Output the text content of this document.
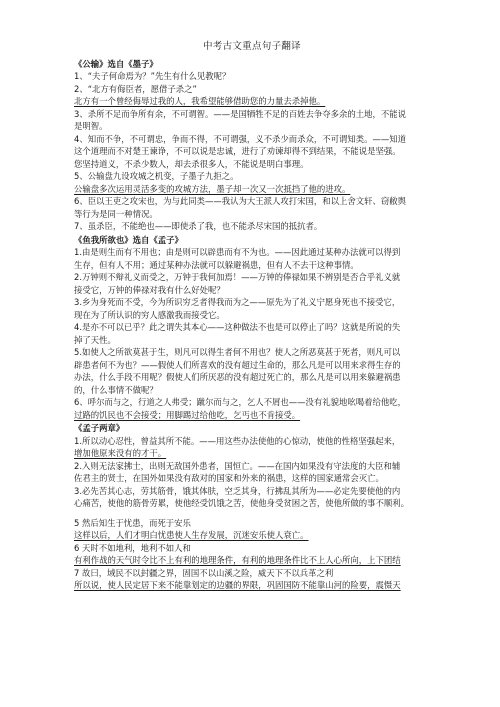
中考古文重点句子翻译
《公输》选自《墨子》
1、“夫子何命焉为？”先生有什么见教呢？
2、“北方有侮臣者，愿借子杀之”
北方有一个曾经侮辱过我的人，我希望能够借助您的力量去杀掉他。
3、杀所不足而争所有余，不可谓智。——是国牺牲不足的百姓去争夺多余的土地，不能说
是明智。
4、知而不争，不可谓忠，争而不得，不可谓强，义不杀少而杀众，不可谓知类。——知道
这个道理而不对楚王谏诤，不可以说是忠诚，进行了劝谏却得不到结果，不能说是坚强。
您坚持道义，不杀少数人，却去杀很多人，不能说是明白事理。
5、公输盘九设攻城之机变，子墨子九拒之。
公输盘多次运用灵活多变的攻城方法，墨子却一次又一次抵挡了他的进攻。
6、臣以王吏之攻宋也，为与此同类——我认为大王派人攻打宋国，和以上舍文轩、窃敝舆
等行为是同一种情况。
7、虽杀臣，不能绝也——即使杀了我，也不能杀尽宋国的抵抗者。
《鱼我所欲也》选自《孟子》
1.由是则生而有不用也；由是则可以辟患而有不为也。——因此通过某种办法就可以得到
生存，但有人不用；通过某种办法就可以躲避祸患，但有人不去干这种事情。
2.万钟则不辩礼义而受之，万钟于我何加焉！——万钟的俸禄如果不辨别是否合乎礼义就
接受它，万钟的俸禄对我有什么好处呢？
3.乡为身死而不受，今为所识穷乏者得我而为之——原先为了礼义宁愿身死也不接受它，
现在为了所认识的穷人感激我而接受它。
4.是亦不可以已乎？此之谓失其本心——这种做法不也是可以停止了吗？这就是所说的失
掉了天性。
5.如使人之所欲莫甚于生，则凡可以得生者何不用也？使人之所恶莫甚于死者，则凡可以
辟患者何不为也？——假使人们所喜欢的没有超过生命的，那么凡是可以用来求得生存的
办法，什么手段不用呢？假使人们所厌恶的没有超过死亡的，那么凡是可以用来躲避祸患
的，什么事情不做呢？
6、呼尔而与之，行道之人弗受；蹴尔而与之，乞人不屑也——没有礼貌地吆喝着给他吃，
过路的饥民也不会接受；用脚踢过给他吃，乞丐也不肯接受。
《孟子两章》
1.所以动心忍性，曾益其所不能。——用这些办法使他的心惊动，使他的性格坚强起来，
增加他原来没有的才干。
2.入则无法家拂士，出则无敌国外患者，国恒亡。——在国内如果没有守法度的大臣和辅
佐君主的贤士，在国外如果没有敌对的国家和外来的祸患，这样的国家通常会灭亡。
3.必先苦其心志，劳其筋骨，饿其体肤，空乏其身，行拂乱其所为——必定先要使他的内
心痛苦，使他的筋骨劳累，使他经受饥饿之苦，使他身受贫困之苦，使他所做的事不顺利。
5 然后知生于忧患，而死于安乐
这样以后，人们才明白忧患使人生存发展，沉迷安乐使人衰亡。
6 天时不如地利，地利不如人和
有利作战的天气时令比不上有利的地理条件，有利的地理条件比不上人心所向，上下团结
7 故曰，域民不以封疆之界，固国不以山溪之险，威天下不以兵革之利
所以说，使人民定居下来不能靠划定的边疆的界限，巩固国防不能靠山河的险要，震慑天
